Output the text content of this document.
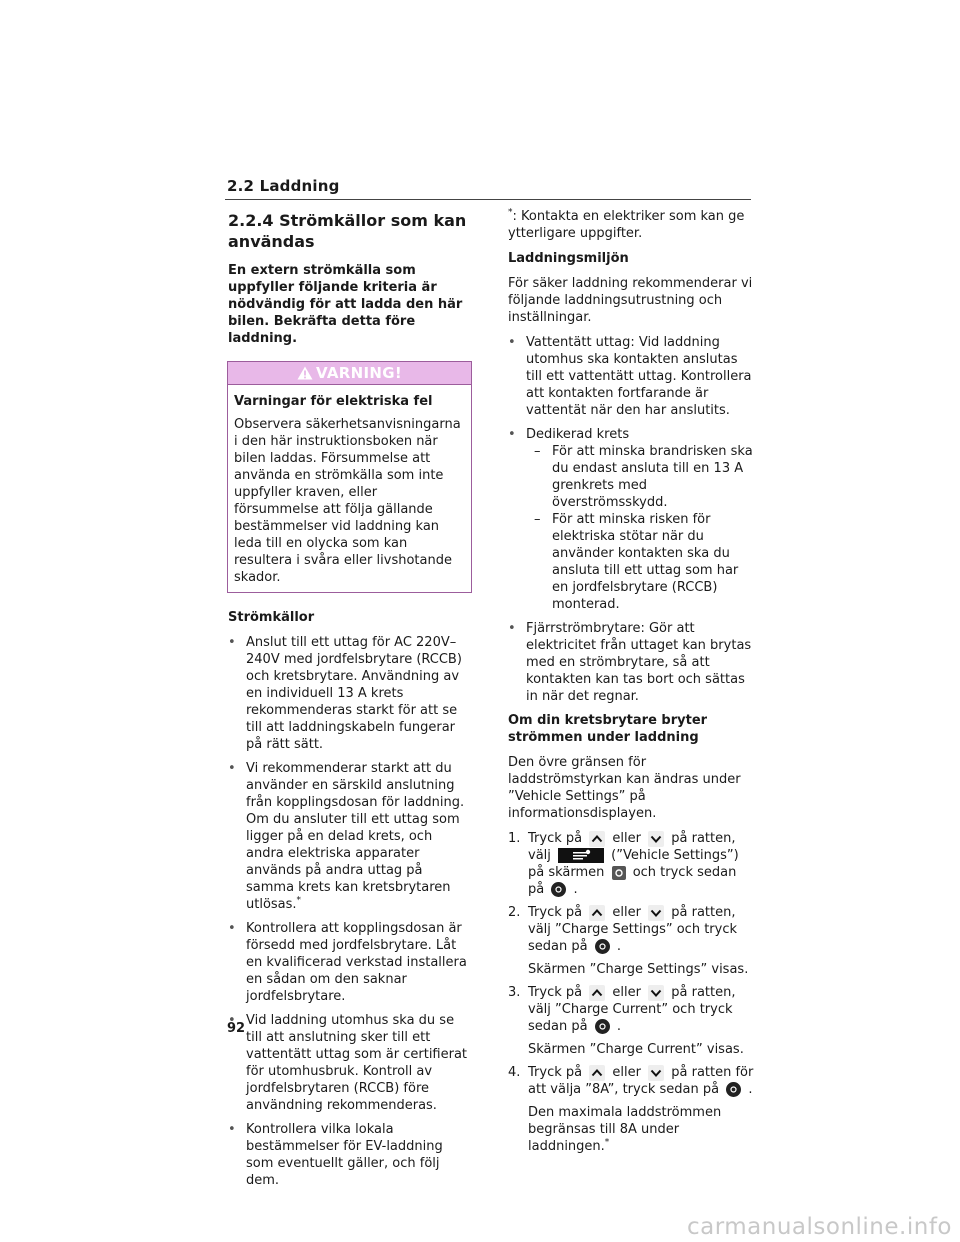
2.2 Laddning
2.2.4 Strömkällor som kan användas

En extern strömkälla som uppfyller följande kriteria är nödvändig för att ladda den här bilen. Bekräfta detta före laddning.

VARNING!

Varningar för elektriska fel

Observera säkerhetsanvisningarna i den här instruktionsboken när bilen laddas. Försummelse att använda en strömkälla som inte uppfyller kraven, eller försummelse att följa gällande bestämmelser vid laddning kan leda till en olycka som kan resultera i svåra eller livshotande skador.

Strömkällor

• Anslut till ett uttag för AC 220V–240V med jordfelsbrytare (RCCB) och kretsbrytare. Användning av en individuell 13 A krets rekommenderas starkt för att se till att laddningskabeln fungerar på rätt sätt.
• Vi rekommenderar starkt att du använder en särskild anslutning från kopplingsdosan för laddning. Om du ansluter till ett uttag som ligger på en delad krets, och andra elektriska apparater används på andra uttag på samma krets kan kretsbrytaren utlösas.*
• Kontrollera att kopplingsdosan är försedd med jordfelsbrytare. Låt en kvalificerad verkstad installera en sådan om den saknar jordfelsbrytare.
• Vid laddning utomhus ska du se till att anslutning sker till ett vattentätt uttag som är certifierat för utomhusbruk. Kontroll av jordfelsbrytaren (RCCB) före användning rekommenderas.
• Kontrollera vilka lokala bestämmelser för EV-laddning som eventuellt gäller, och följ dem.

*: Kontakta en elektriker som kan ge ytterligare uppgifter.

Laddningsmiljön

För säker laddning rekommenderar vi följande laddningsutrustning och inställningar.

• Vattentätt uttag: Vid laddning utomhus ska kontakten anslutas till ett vattentätt uttag. Kontrollera att kontakten fortfarande är vattentät när den har anslutits.
• Dedikerad krets
– För att minska brandrisken ska du endast ansluta till en 13 A grenkrets med överströmsskydd.
– För att minska risken för elektriska stötar när du använder kontakten ska du ansluta till ett uttag som har en jordfelsbrytare (RCCB) monterad.
• Fjärrströmbrytare: Gör att elektricitet från uttaget kan brytas med en strömbrytare, så att kontakten kan tas bort och sättas in när det regnar.

Om din kretsbrytare bryter strömmen under laddning

Den övre gränsen för laddströmstyrkan kan ändras under ”Vehicle Settings” på informationsdisplayen.

1. Tryck på eller på ratten, välj	(”Vehicle Settings”) på skärmen och tryck sedan på .
2. Tryck på eller på ratten, välj ”Charge Settings” och tryck sedan på .
Skärmen ”Charge Settings” visas.
3. Tryck på eller på ratten, välj ”Charge Current” och tryck sedan på .
Skärmen ”Charge Current” visas.
4. Tryck på eller på ratten för att välja ”8A”, tryck sedan på .
Den maximala laddströmmen begränsas till 8A under laddningen.*
92
carmanualsonline.info
